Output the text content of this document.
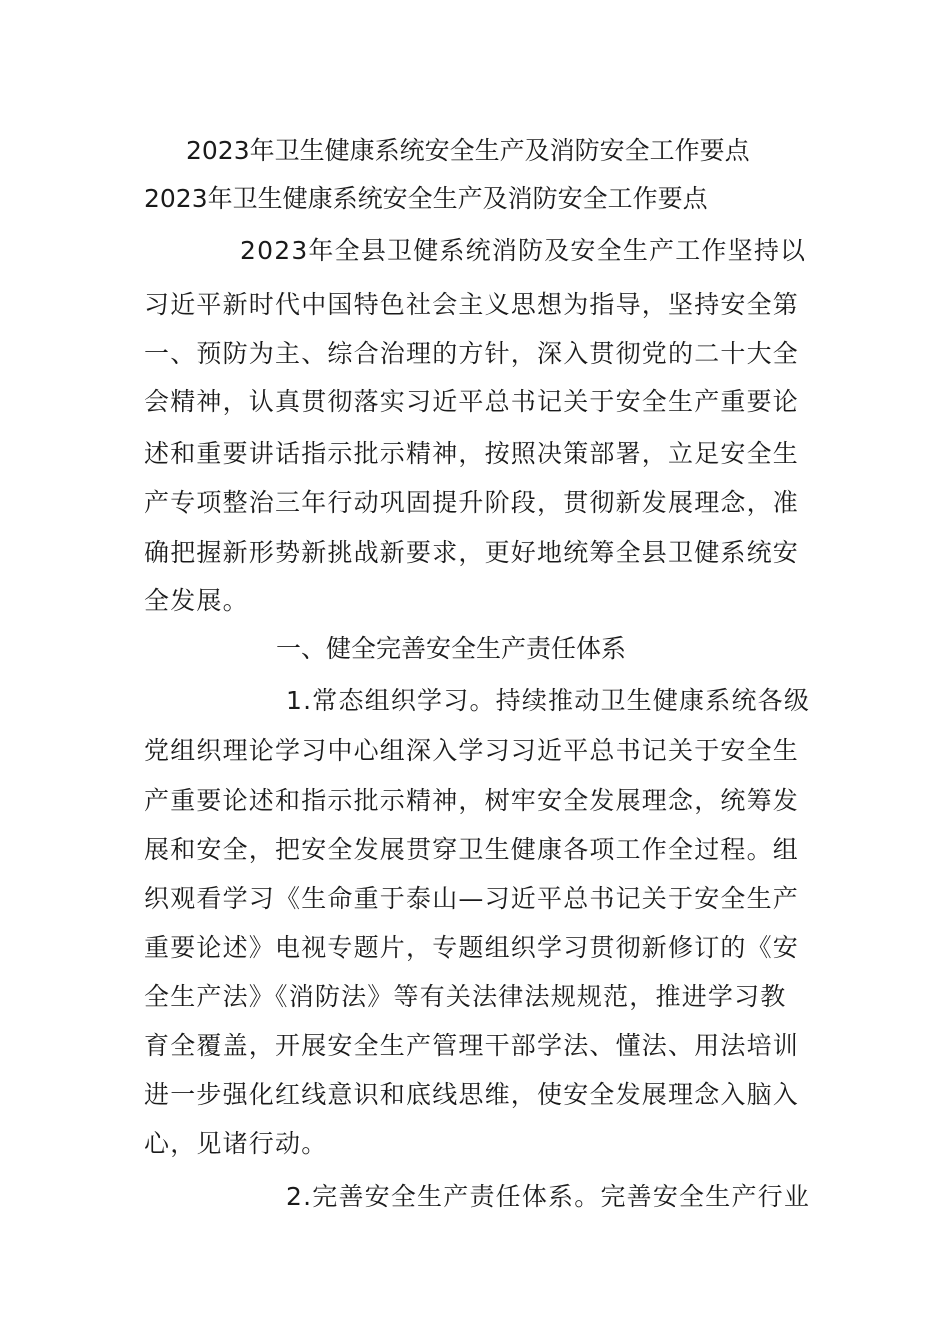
2023年卫生健康系统安全生产及消防安全工作要点
2023年卫生健康系统安全生产及消防安全工作要点
2023年全县卫健系统消防及安全生产工作坚持以
习近平新时代中国特色社会主义思想为指导，坚持安全第
一、预防为主、综合治理的方针，深入贯彻党的二十大全
会精神，认真贯彻落实习近平总书记关于安全生产重要论
述和重要讲话指示批示精神，按照决策部署，立足安全生
产专项整治三年行动巩固提升阶段，贯彻新发展理念，准
确把握新形势新挑战新要求，更好地统筹全县卫健系统安
全发展。
一、健全完善安全生产责任体系
1.常态组织学习。持续推动卫生健康系统各级
党组织理论学习中心组深入学习习近平总书记关于安全生
产重要论述和指示批示精神，树牢安全发展理念，统筹发
展和安全，把安全发展贯穿卫生健康各项工作全过程。组
织观看学习《生命重于泰山—习近平总书记关于安全生产
重要论述》电视专题片，专题组织学习贯彻新修订的《安
全生产法》《消防法》等有关法律法规规范，推进学习教
育全覆盖，开展安全生产管理干部学法、懂法、用法培训
进一步强化红线意识和底线思维，使安全发展理念入脑入
心，见诸行动。
2.完善安全生产责任体系。完善安全生产行业
